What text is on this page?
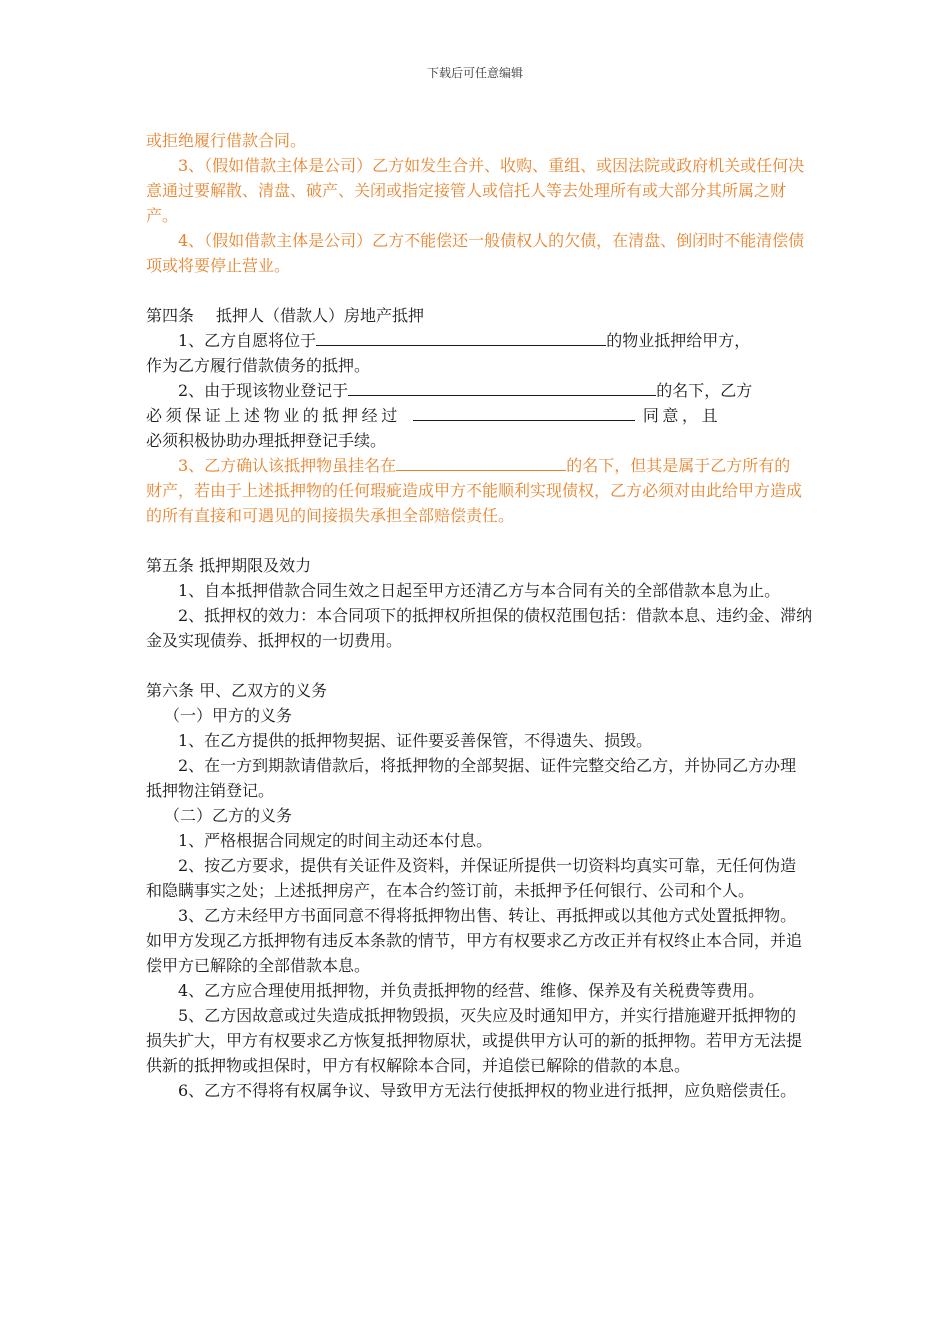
下载后可任意编辑

或拒绝履行借款合同。

3、（假如借款主体是公司）乙方如发生合并、收购、重组、或因法院或政府机关或任何决意通过要解散、清盘、破产、关闭或指定接管人或信托人等去处理所有或大部分其所属之财产。

4、（假如借款主体是公司）乙方不能偿还一般债权人的欠债，在清盘、倒闭时不能清偿债项或将要停止营业。

第四条 抵押人（借款人）房地产抵押

1、乙方自愿将位于	的物业抵押给甲方，

作为乙方履行借款债务的抵押。

2、由于现该物业登记于	的名下，乙方

必须保证上述物业的抵押经过	同意，且

必须积极协助办理抵押登记手续。

3、乙方确认该抵押物虽挂名在	的名下，但其是属于乙方所有的财产，若由于上述抵押物的任何瑕疵造成甲方不能顺利实现债权，乙方必须对由此给甲方造成的所有直接和可遇见的间接损失承担全部赔偿责任。

第五条 抵押期限及效力

1、自本抵押借款合同生效之日起至甲方还清乙方与本合同有关的全部借款本息为止。

2、抵押权的效力：本合同项下的抵押权所担保的债权范围包括：借款本息、违约金、滞纳金及实现债券、抵押权的一切费用。

第六条 甲、乙双方的义务

（一）甲方的义务

1、在乙方提供的抵押物契据、证件要妥善保管，不得遗失、损毁。

2、在一方到期款请借款后，将抵押物的全部契据、证件完整交给乙方，并协同乙方办理抵押物注销登记。

（二）乙方的义务

1、严格根据合同规定的时间主动还本付息。

2、按乙方要求，提供有关证件及资料，并保证所提供一切资料均真实可靠，无任何伪造和隐瞒事实之处；上述抵押房产，在本合约签订前，未抵押予任何银行、公司和个人。

3、乙方未经甲方书面同意不得将抵押物出售、转让、再抵押或以其他方式处置抵押物。如甲方发现乙方抵押物有违反本条款的情节，甲方有权要求乙方改正并有权终止本合同，并追偿甲方已解除的全部借款本息。

4、乙方应合理使用抵押物，并负责抵押物的经营、维修、保养及有关税费等费用。

5、乙方因故意或过失造成抵押物毁损，灭失应及时通知甲方，并实行措施避开抵押物的损失扩大，甲方有权要求乙方恢复抵押物原状，或提供甲方认可的新的抵押物。若甲方无法提供新的抵押物或担保时，甲方有权解除本合同，并追偿已解除的借款的本息。

6、乙方不得将有权属争议、导致甲方无法行使抵押权的物业进行抵押，应负赔偿责任。
